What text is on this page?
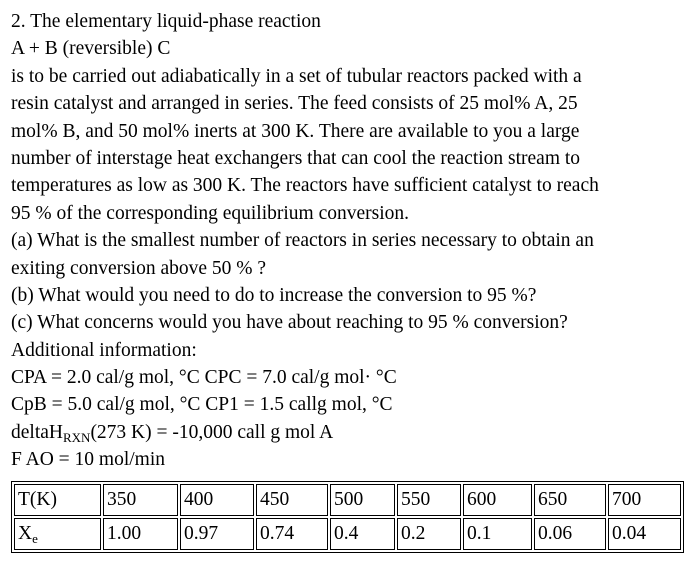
2. The elementary liquid-phase reaction
A + B (reversible) C
is to be carried out adiabatically in a set of tubular reactors packed with a
resin catalyst and arranged in series. The feed consists of 25 mol% A, 25
mol% B, and 50 mol% inerts at 300 K. There are available to you a large
number of interstage heat exchangers that can cool the reaction stream to
temperatures as low as 300 K. The reactors have sufficient catalyst to reach
95 % of the corresponding equilibrium conversion.
(a) What is the smallest number of reactors in series necessary to obtain an
exiting conversion above 50 % ?
(b) What would you need to do to increase the conversion to 95 %?
(c) What concerns would you have about reaching to 95 % conversion?
Additional information:
CPA = 2.0 cal/g mol, °C CPC = 7.0 cal/g mol· °C
CpB = 5.0 cal/g mol, °C CP1 = 1.5 callg mol, °C
deltaH$_{RXN}$(273 K) = -10,000 call g mol A
F AO = 10 mol/min
T(K)	350	400	450	500	550	600	650	700
$X_e$	1.00	0.97	0.74	0.4	0.2	0.1	0.06	0.04
